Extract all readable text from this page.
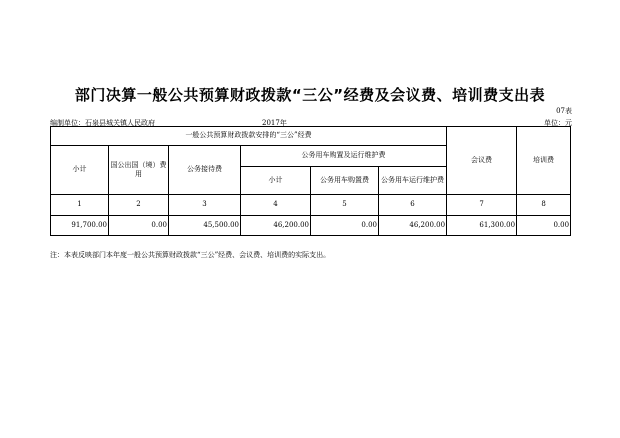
部门决算一般公共预算财政拨款“三公”经费及会议费、培训费支出表
07表
编制单位：石泉县城关镇人民政府	2017年	单位：元
一般公共预算财政拨款安排的“三公”经费						会议费	培训费
小计	国公出国（境）费用	公务接待费	公务用车购置及运行维护费				
			小计	公务用车购置费	公务用车运行维护费		
1	2	3	4	5	6	7	8
91,700.00	0.00	45,500.00	46,200.00	0.00	46,200.00	61,300.00	0.00
注：本表反映部门本年度一般公共预算财政拨款“三公”经费、会议费、培训费的实际支出。
